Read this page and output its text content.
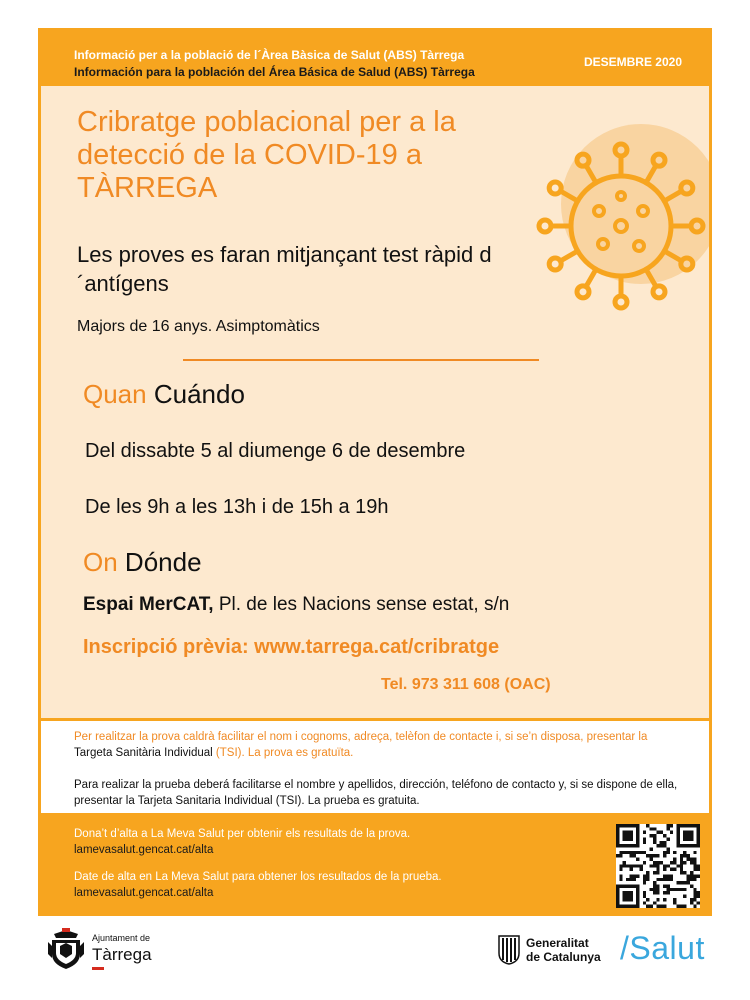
Informació per a la població de l´Àrea Bàsica de Salut (ABS) Tàrrega
Información para la población del Área Básica de Salud (ABS) Tàrrega
DESEMBRE 2020
Cribratge poblacional per a la detecció de la COVID-19 a TÀRREGA
Les proves es faran mitjançant test ràpid d´antígens
Majors de 16 anys. Asimptomàtics
Quan Cuándo
Del dissabte 5 al diumenge 6 de desembre
De les 9h a les 13h i de 15h a 19h
On Dónde
Espai MerCAT, Pl. de les Nacions sense estat, s/n
Inscripció prèvia: www.tarrega.cat/cribratge
Tel. 973 311 608 (OAC)
Per realitzar la prova caldrà facilitar el nom i cognoms, adreça, telèfon de contacte i, si se’n disposa, presentar la Targeta Sanitària Individual (TSI). La prova es gratuïta.
Para realizar la prueba deberá facilitarse el nombre y apellidos, dirección, teléfono de contacto y, si se dispone de ella, presentar la Tarjeta Sanitaria Individual (TSI). La prueba es gratuita.
Dona’t d’alta a La Meva Salut per obtenir els resultats de la prova.
lamevasalut.gencat.cat/alta
Date de alta en La Meva Salut para obtener los resultados de la prueba.
lamevasalut.gencat.cat/alta
Ajuntament de
Tàrrega
Generalitat
de Catalunya /Salut
